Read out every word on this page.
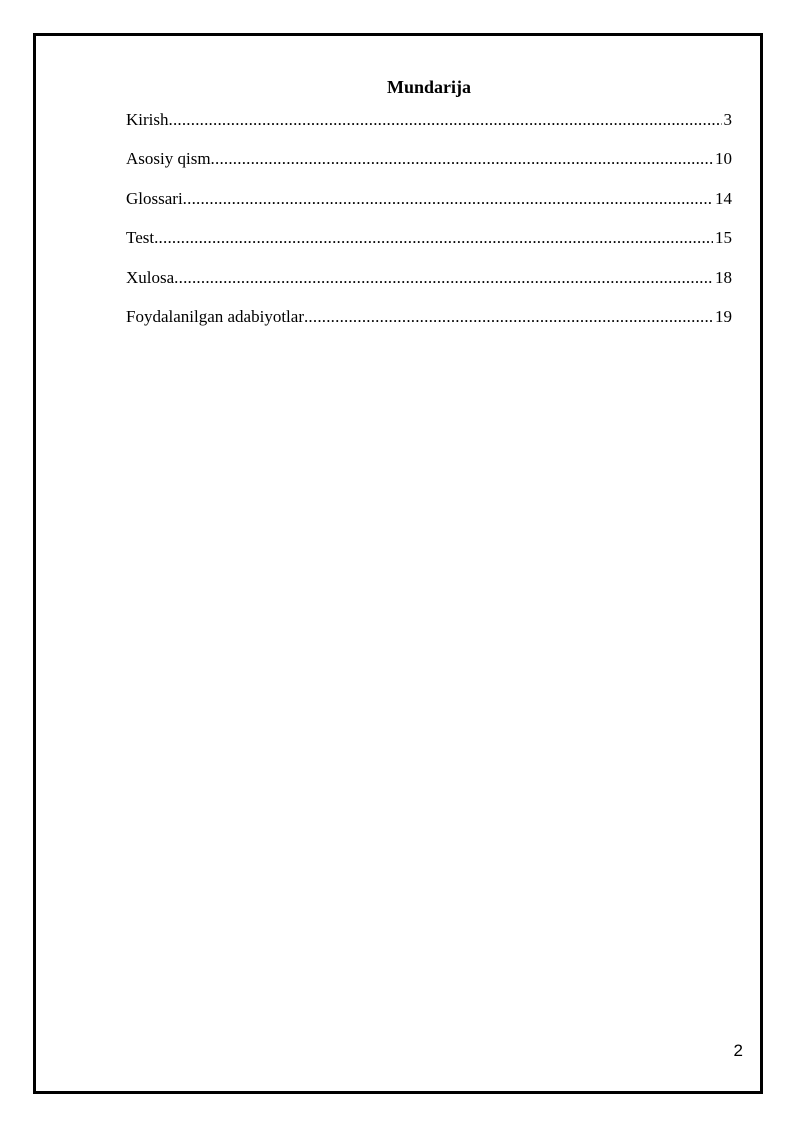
Mundarija
Kirish .....	3
Asosiy qism .....	10
Glossari .....	14
Test .....	15
Xulosa .....	18
Foydalanilgan adabiyotlar .....	19
2
